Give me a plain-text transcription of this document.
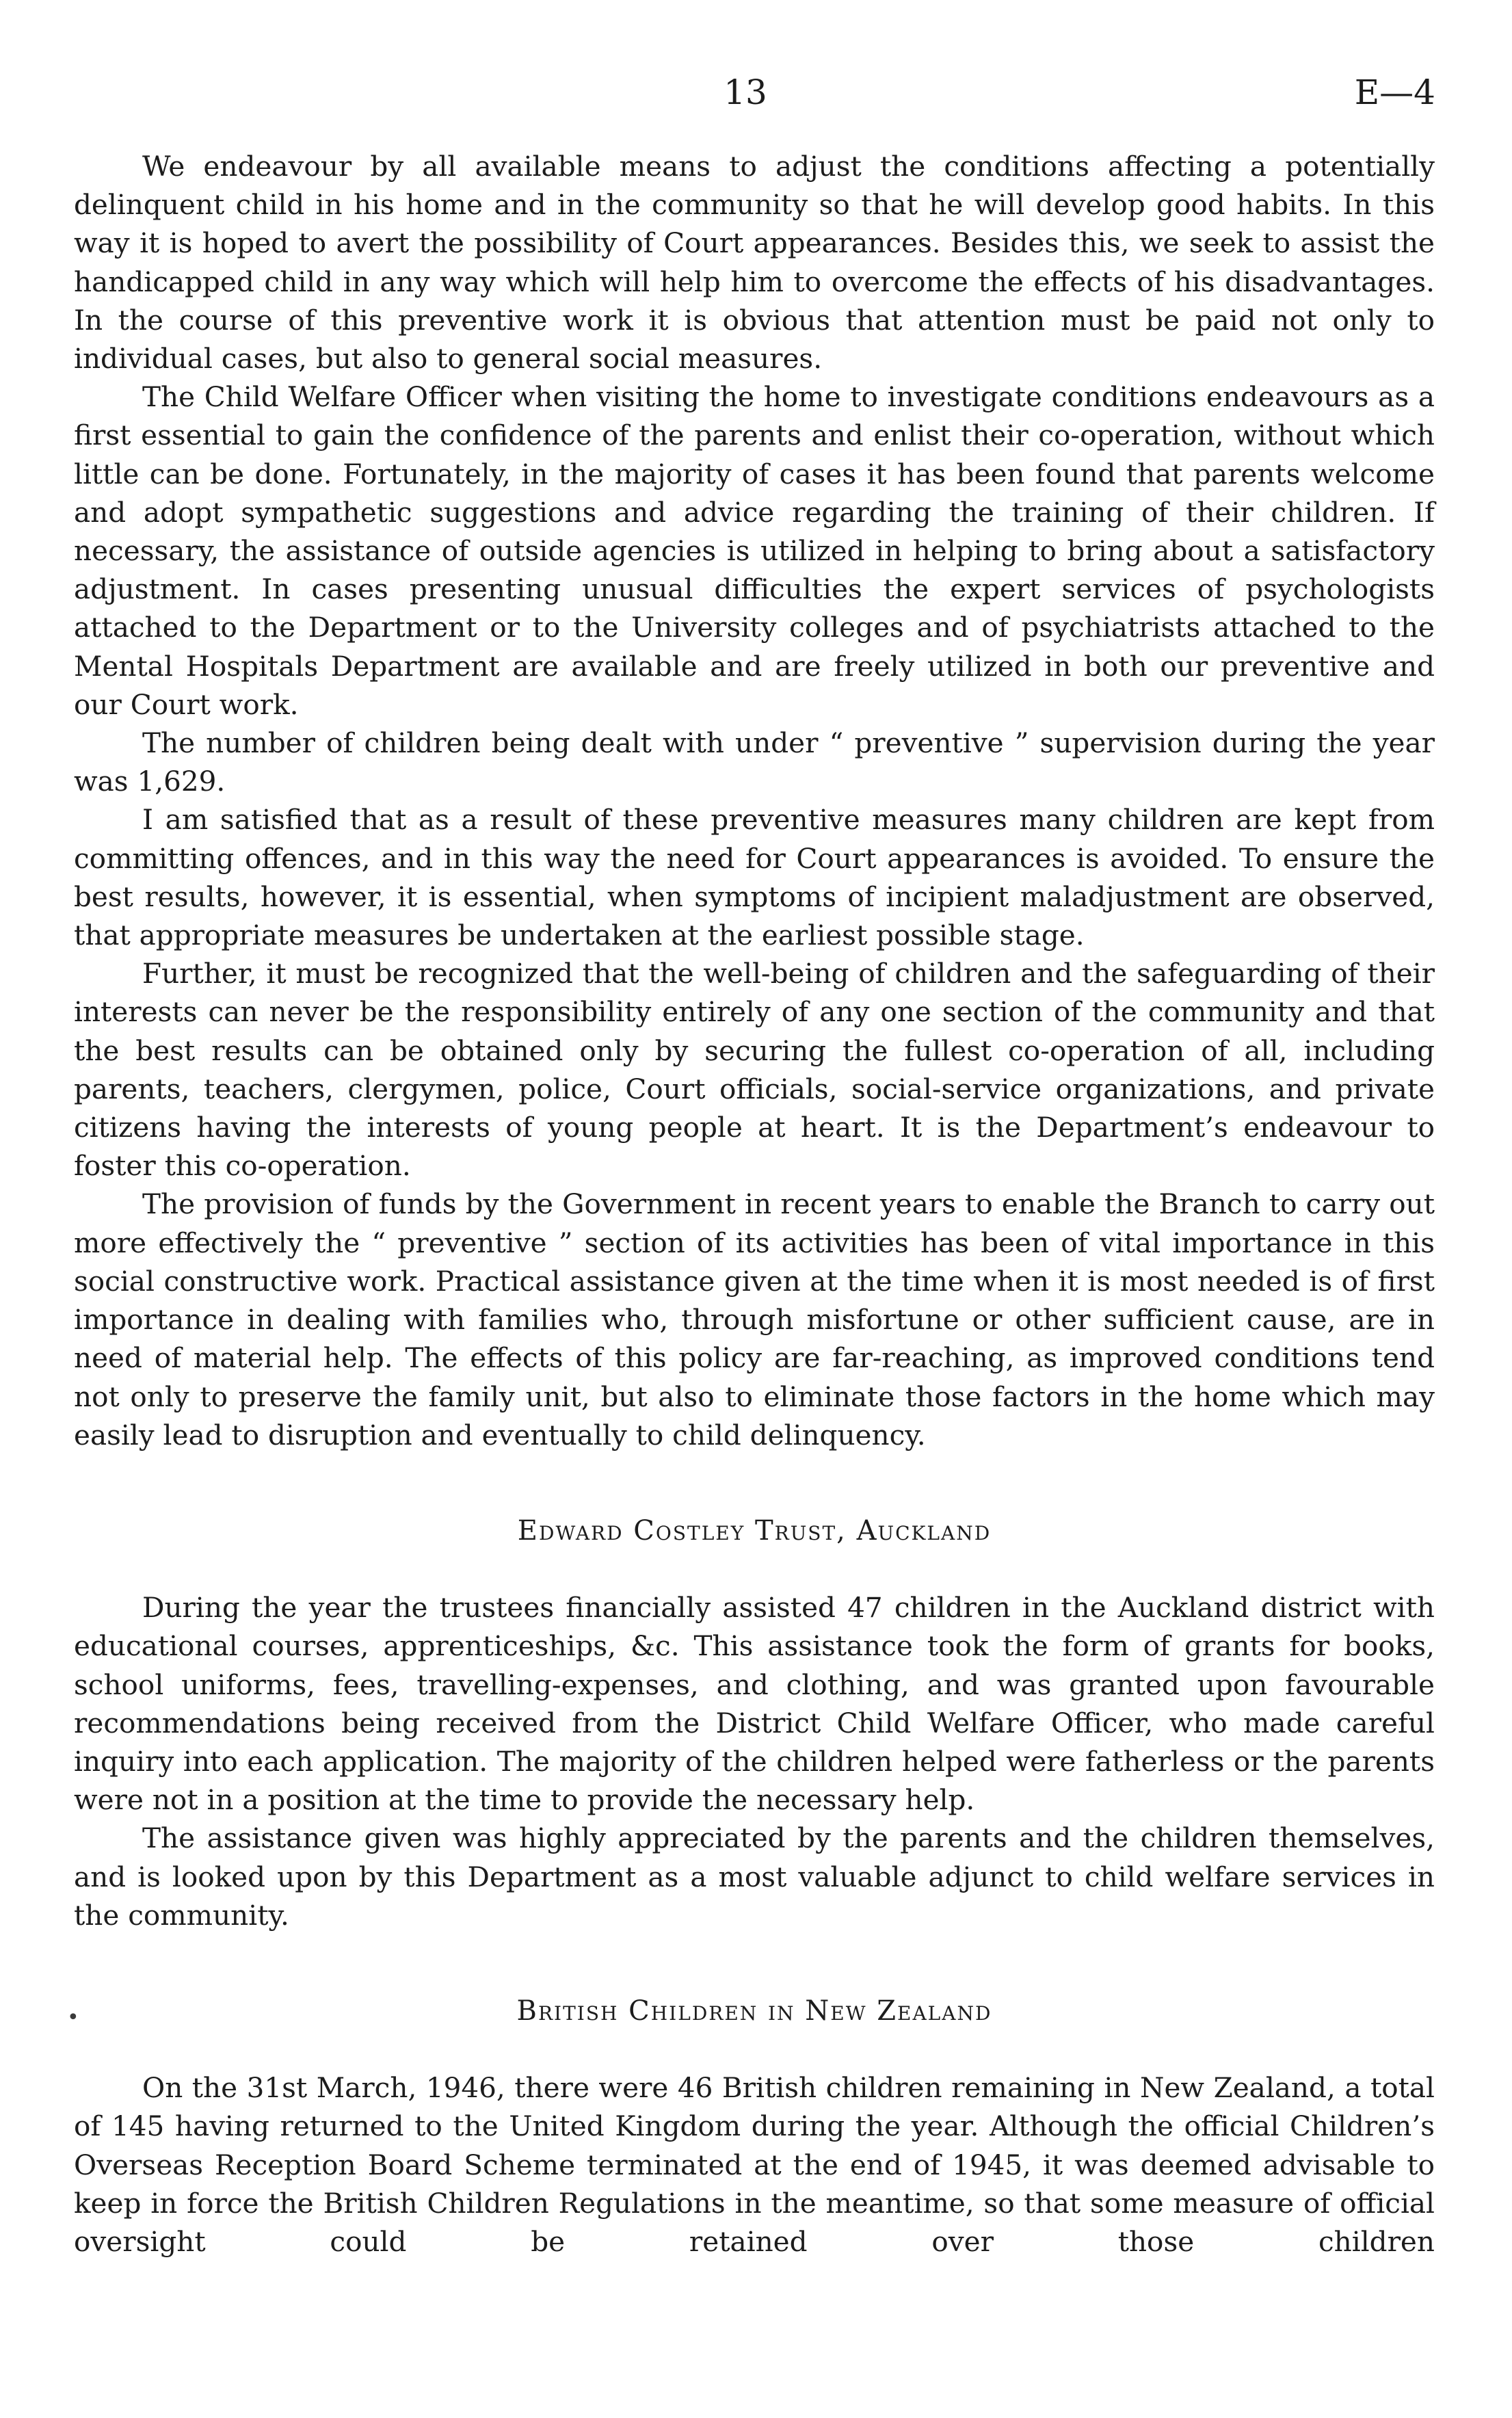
13	E—4

We endeavour by all available means to adjust the conditions affecting a potentially delinquent child in his home and in the community so that he will develop good habits. In this way it is hoped to avert the possibility of Court appearances. Besides this, we seek to assist the handicapped child in any way which will help him to overcome the effects of his disadvantages. In the course of this preventive work it is obvious that attention must be paid not only to individual cases, but also to general social measures.

The Child Welfare Officer when visiting the home to investigate conditions endeavours as a first essential to gain the confidence of the parents and enlist their co-operation, without which little can be done. Fortunately, in the majority of cases it has been found that parents welcome and adopt sympathetic suggestions and advice regarding the training of their children. If necessary, the assistance of outside agencies is utilized in helping to bring about a satisfactory adjustment. In cases presenting unusual difficulties the expert services of psychologists attached to the Department or to the University colleges and of psychiatrists attached to the Mental Hospitals Department are available and are freely utilized in both our preventive and our Court work.

The number of children being dealt with under “ preventive ” supervision during the year was 1,629.

I am satisfied that as a result of these preventive measures many children are kept from committing offences, and in this way the need for Court appearances is avoided. To ensure the best results, however, it is essential, when symptoms of incipient maladjustment are observed, that appropriate measures be undertaken at the earliest possible stage.

Further, it must be recognized that the well-being of children and the safeguarding of their interests can never be the responsibility entirely of any one section of the community and that the best results can be obtained only by securing the fullest co-operation of all, including parents, teachers, clergymen, police, Court officials, social-service organizations, and private citizens having the interests of young people at heart. It is the Department’s endeavour to foster this co-operation.

The provision of funds by the Government in recent years to enable the Branch to carry out more effectively the “ preventive ” section of its activities has been of vital importance in this social constructive work. Practical assistance given at the time when it is most needed is of first importance in dealing with families who, through misfortune or other sufficient cause, are in need of material help. The effects of this policy are far-reaching, as improved conditions tend not only to preserve the family unit, but also to eliminate those factors in the home which may easily lead to disruption and eventually to child delinquency.

Edward Costley Trust, Auckland

During the year the trustees financially assisted 47 children in the Auckland district with educational courses, apprenticeships, &c. This assistance took the form of grants for books, school uniforms, fees, travelling-expenses, and clothing, and was granted upon favourable recommendations being received from the District Child Welfare Officer, who made careful inquiry into each application. The majority of the children helped were fatherless or the parents were not in a position at the time to provide the necessary help.

The assistance given was highly appreciated by the parents and the children themselves, and is looked upon by this Department as a most valuable adjunct to child welfare services in the community.

British Children in New Zealand

On the 31st March, 1946, there were 46 British children remaining in New Zealand, a total of 145 having returned to the United Kingdom during the year. Although the official Children’s Overseas Reception Board Scheme terminated at the end of 1945, it was deemed advisable to keep in force the British Children Regulations in the meantime, so that some measure of official oversight could be retained over those children

•
